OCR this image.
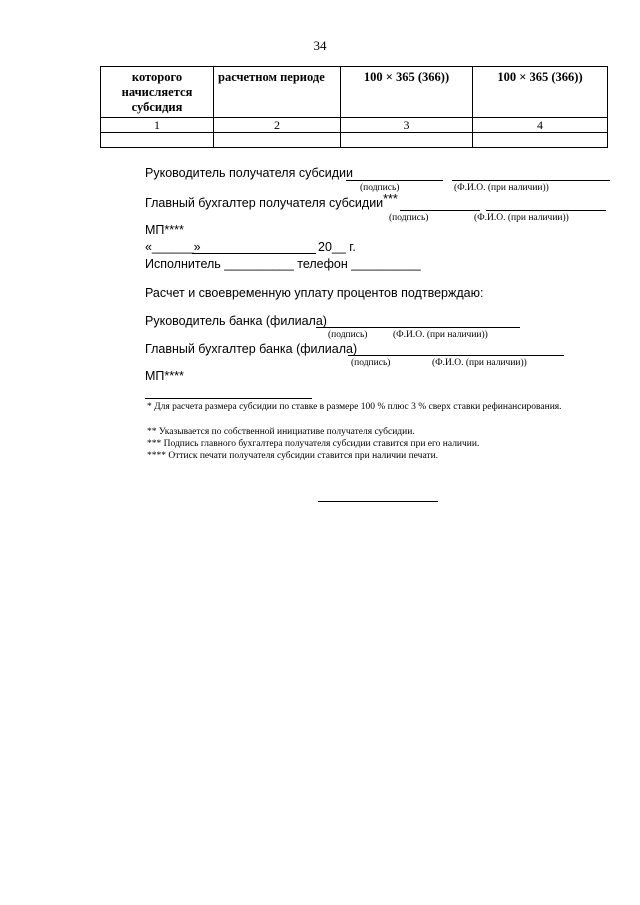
34
которого начисляется субсидия	расчетном периоде	100 × 365 (366))	100 × 365 (366))
1	2	3	4

Руководитель получателя субсидии
(подпись)	(Ф.И.О. (при наличии))
Главный бухгалтер получателя субсидии***
(подпись)	(Ф.И.О. (при наличии))
МП****
«______»	20__ г.
Исполнитель __________ телефон __________
Расчет и своевременную уплату процентов подтверждаю:
Руководитель банка (филиала)
(подпись)	(Ф.И.О. (при наличии))
Главный бухгалтер банка (филиала)
(подпись)	(Ф.И.О. (при наличии))
МП****
* Для расчета размера субсидии по ставке в размере 100 % плюс 3 % сверх ставки рефинансирования.
** Указывается по собственной инициативе получателя субсидии.
*** Подпись главного бухгалтера получателя субсидии ставится при его наличии.
**** Оттиск печати получателя субсидии ставится при наличии печати.
